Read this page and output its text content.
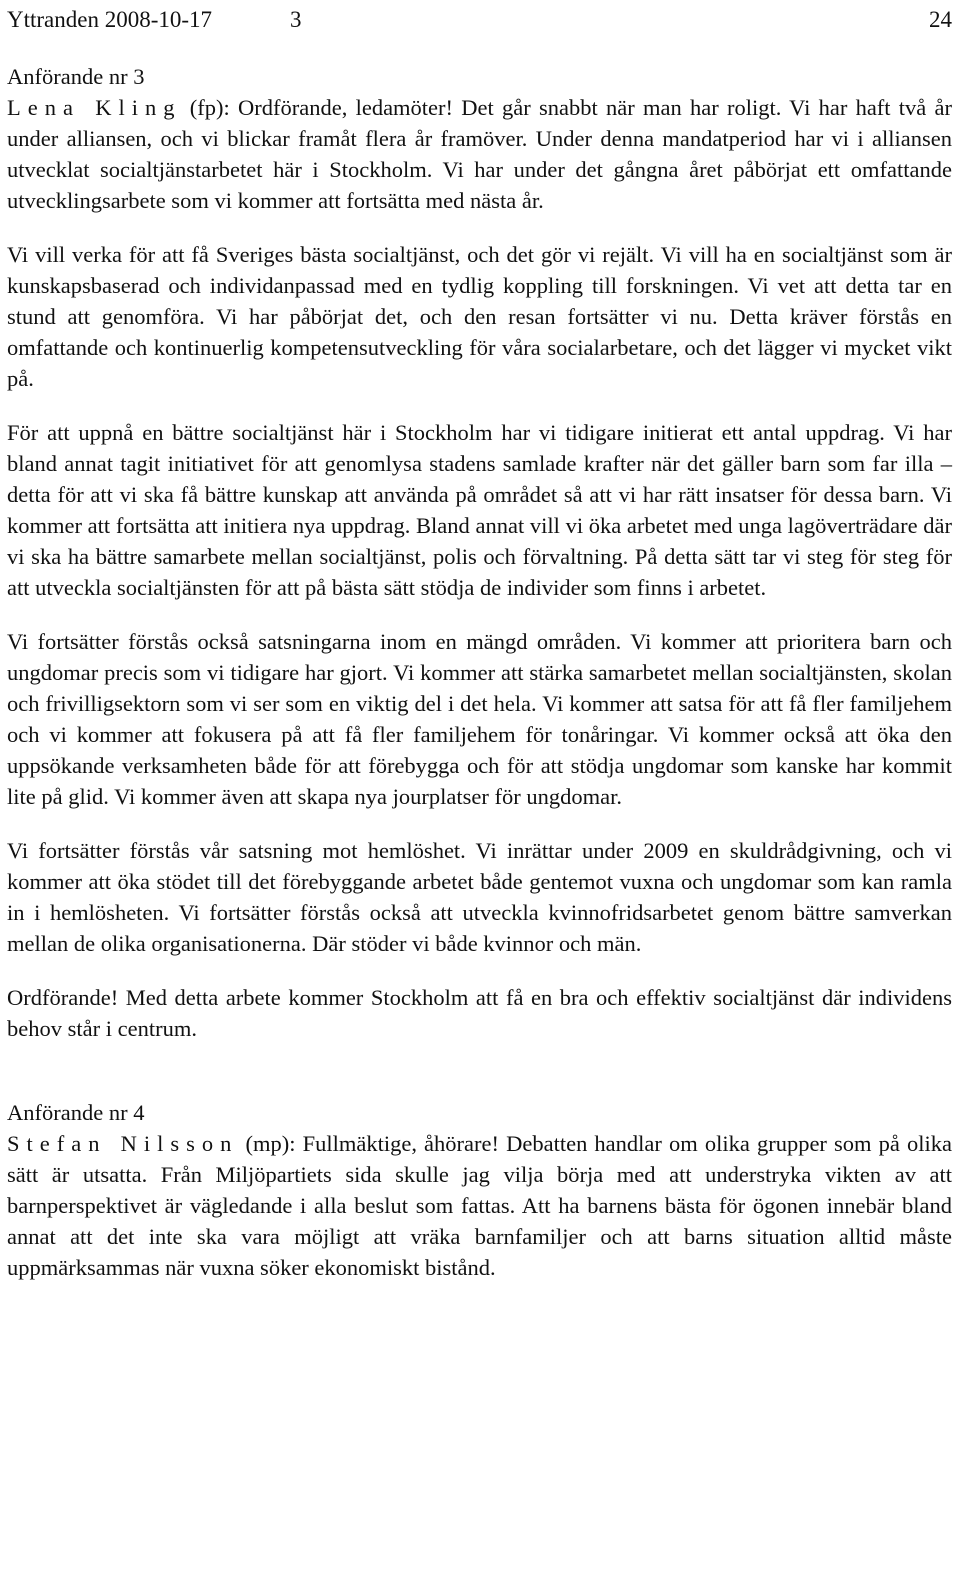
Yttranden 2008-10-17	3	24
Anförande nr 3

Lena Kling (fp): Ordförande, ledamöter! Det går snabbt när man har roligt. Vi har haft två år under alliansen, och vi blickar framåt flera år framöver. Under denna mandatperiod har vi i alliansen utvecklat socialtjänstarbetet här i Stockholm. Vi har under det gångna året påbörjat ett omfattande utvecklingsarbete som vi kommer att fortsätta med nästa år.

Vi vill verka för att få Sveriges bästa socialtjänst, och det gör vi rejält. Vi vill ha en socialtjänst som är kunskapsbaserad och individanpassad med en tydlig koppling till forskningen. Vi vet att detta tar en stund att genomföra. Vi har påbörjat det, och den resan fortsätter vi nu. Detta kräver förstås en omfattande och kontinuerlig kompetensutveckling för våra socialarbetare, och det lägger vi mycket vikt på.

För att uppnå en bättre socialtjänst här i Stockholm har vi tidigare initierat ett antal uppdrag. Vi har bland annat tagit initiativet för att genomlysa stadens samlade krafter när det gäller barn som far illa – detta för att vi ska få bättre kunskap att använda på området så att vi har rätt insatser för dessa barn. Vi kommer att fortsätta att initiera nya uppdrag. Bland annat vill vi öka arbetet med unga lagöverträdare där vi ska ha bättre samarbete mellan socialtjänst, polis och förvaltning. På detta sätt tar vi steg för steg för att utveckla socialtjänsten för att på bästa sätt stödja de individer som finns i arbetet.

Vi fortsätter förstås också satsningarna inom en mängd områden. Vi kommer att prioritera barn och ungdomar precis som vi tidigare har gjort. Vi kommer att stärka samarbetet mellan socialtjänsten, skolan och frivilligsektorn som vi ser som en viktig del i det hela. Vi kommer att satsa för att få fler familjehem och vi kommer att fokusera på att få fler familjehem för tonåringar. Vi kommer också att öka den uppsökande verksamheten både för att förebygga och för att stödja ungdomar som kanske har kommit lite på glid. Vi kommer även att skapa nya jourplatser för ungdomar.

Vi fortsätter förstås vår satsning mot hemlöshet. Vi inrättar under 2009 en skuldrådgivning, och vi kommer att öka stödet till det förebyggande arbetet både gentemot vuxna och ungdomar som kan ramla in i hemlösheten. Vi fortsätter förstås också att utveckla kvinnofridsarbetet genom bättre samverkan mellan de olika organisationerna. Där stöder vi både kvinnor och män.

Ordförande! Med detta arbete kommer Stockholm att få en bra och effektiv socialtjänst där individens behov står i centrum.

Anförande nr 4

Stefan Nilsson (mp): Fullmäktige, åhörare! Debatten handlar om olika grupper som på olika sätt är utsatta. Från Miljöpartiets sida skulle jag vilja börja med att understryka vikten av att barnperspektivet är vägledande i alla beslut som fattas. Att ha barnens bästa för ögonen innebär bland annat att det inte ska vara möjligt att vräka barnfamiljer och att barns situation alltid måste uppmärksammas när vuxna söker ekonomiskt bistånd.
